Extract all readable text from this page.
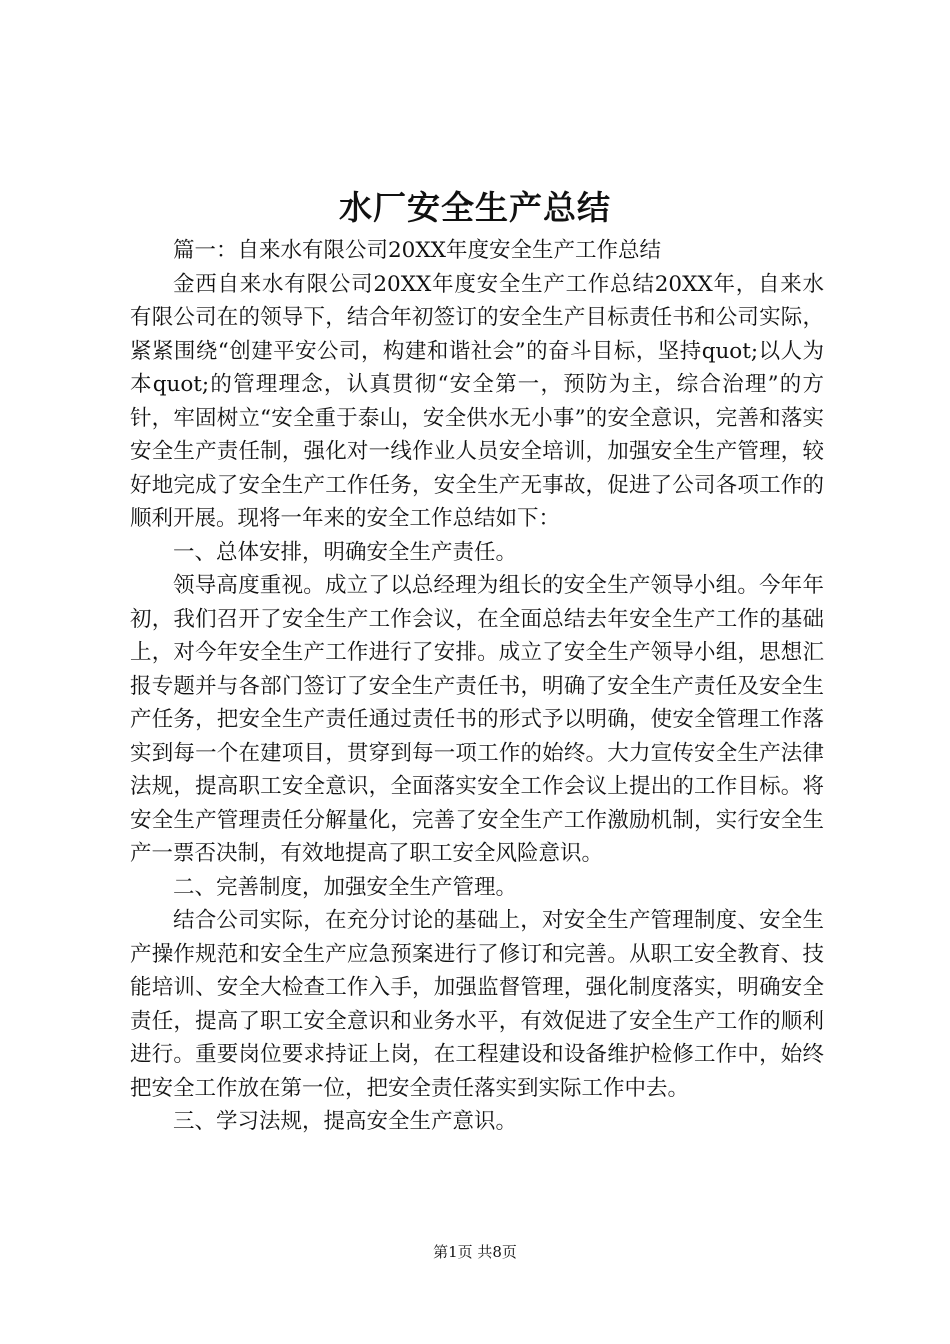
水厂安全生产总结

篇一：自来水有限公司20XX年度安全生产工作总结

金西自来水有限公司20XX年度安全生产工作总结20XX年，自来水有限公司在的领导下，结合年初签订的安全生产目标责任书和公司实际，紧紧围绕“创建平安公司，构建和谐社会”的奋斗目标，坚持quot;以人为本quot;的管理理念，认真贯彻“安全第一，预防为主，综合治理”的方针，牢固树立“安全重于泰山，安全供水无小事”的安全意识，完善和落实安全生产责任制，强化对一线作业人员安全培训，加强安全生产管理，较好地完成了安全生产工作任务，安全生产无事故，促进了公司各项工作的顺利开展。现将一年来的安全工作总结如下：

一、总体安排，明确安全生产责任。

领导高度重视。成立了以总经理为组长的安全生产领导小组。今年年初，我们召开了安全生产工作会议，在全面总结去年安全生产工作的基础上，对今年安全生产工作进行了安排。成立了安全生产领导小组，思想汇报专题并与各部门签订了安全生产责任书，明确了安全生产责任及安全生产任务，把安全生产责任通过责任书的形式予以明确，使安全管理工作落实到每一个在建项目，贯穿到每一项工作的始终。大力宣传安全生产法律法规，提高职工安全意识，全面落实安全工作会议上提出的工作目标。将安全生产管理责任分解量化，完善了安全生产工作激励机制，实行安全生产一票否决制，有效地提高了职工安全风险意识。

二、完善制度，加强安全生产管理。

结合公司实际，在充分讨论的基础上，对安全生产管理制度、安全生产操作规范和安全生产应急预案进行了修订和完善。从职工安全教育、技能培训、安全大检查工作入手，加强监督管理，强化制度落实，明确安全责任，提高了职工安全意识和业务水平，有效促进了安全生产工作的顺利进行。重要岗位要求持证上岗，在工程建设和设备维护检修工作中，始终把安全工作放在第一位，把安全责任落实到实际工作中去。

三、学习法规，提高安全生产意识。

第1页 共8页
